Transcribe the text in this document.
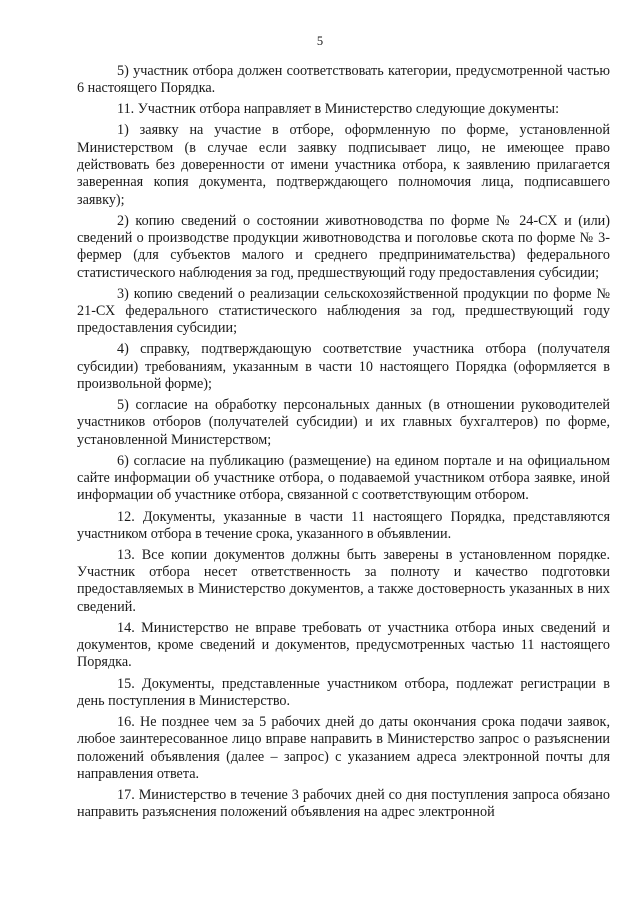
5

5) участник отбора должен соответствовать категории, предусмотренной частью 6 настоящего Порядка.

11. Участник отбора направляет в Министерство следующие документы:

1) заявку на участие в отборе, оформленную по форме, установленной Министерством (в случае если заявку подписывает лицо, не имеющее право действовать без доверенности от имени участника отбора, к заявлению прилагается заверенная копия документа, подтверждающего полномочия лица, подписавшего заявку);

2) копию сведений о состоянии животноводства по форме № 24-СХ и (или) сведений о производстве продукции животноводства и поголовье скота по форме № 3-фермер (для субъектов малого и среднего предпринимательства) федерального статистического наблюдения за год, предшествующий году предоставления субсидии;

3) копию сведений о реализации сельскохозяйственной продукции по форме № 21-СХ федерального статистического наблюдения за год, предшествующий году предоставления субсидии;

4) справку, подтверждающую соответствие участника отбора (получателя субсидии) требованиям, указанным в части 10 настоящего Порядка (оформляется в произвольной форме);

5) согласие на обработку персональных данных (в отношении руководителей участников отборов (получателей субсидии) и их главных бухгалтеров) по форме, установленной Министерством;

6) согласие на публикацию (размещение) на едином портале и на официальном сайте информации об участнике отбора, о подаваемой участником отбора заявке, иной информации об участнике отбора, связанной с соответствующим отбором.

12. Документы, указанные в части 11 настоящего Порядка, представляются участником отбора в течение срока, указанного в объявлении.

13. Все копии документов должны быть заверены в установленном порядке. Участник отбора несет ответственность за полноту и качество подготовки предоставляемых в Министерство документов, а также достоверность указанных в них сведений.

14. Министерство не вправе требовать от участника отбора иных сведений и документов, кроме сведений и документов, предусмотренных частью 11 настоящего Порядка.

15. Документы, представленные участником отбора, подлежат регистрации в день поступления в Министерство.

16. Не позднее чем за 5 рабочих дней до даты окончания срока подачи заявок, любое заинтересованное лицо вправе направить в Министерство запрос о разъяснении положений объявления (далее – запрос) с указанием адреса электронной почты для направления ответа.

17. Министерство в течение 3 рабочих дней со дня поступления запроса обязано направить разъяснения положений объявления на адрес электронной
